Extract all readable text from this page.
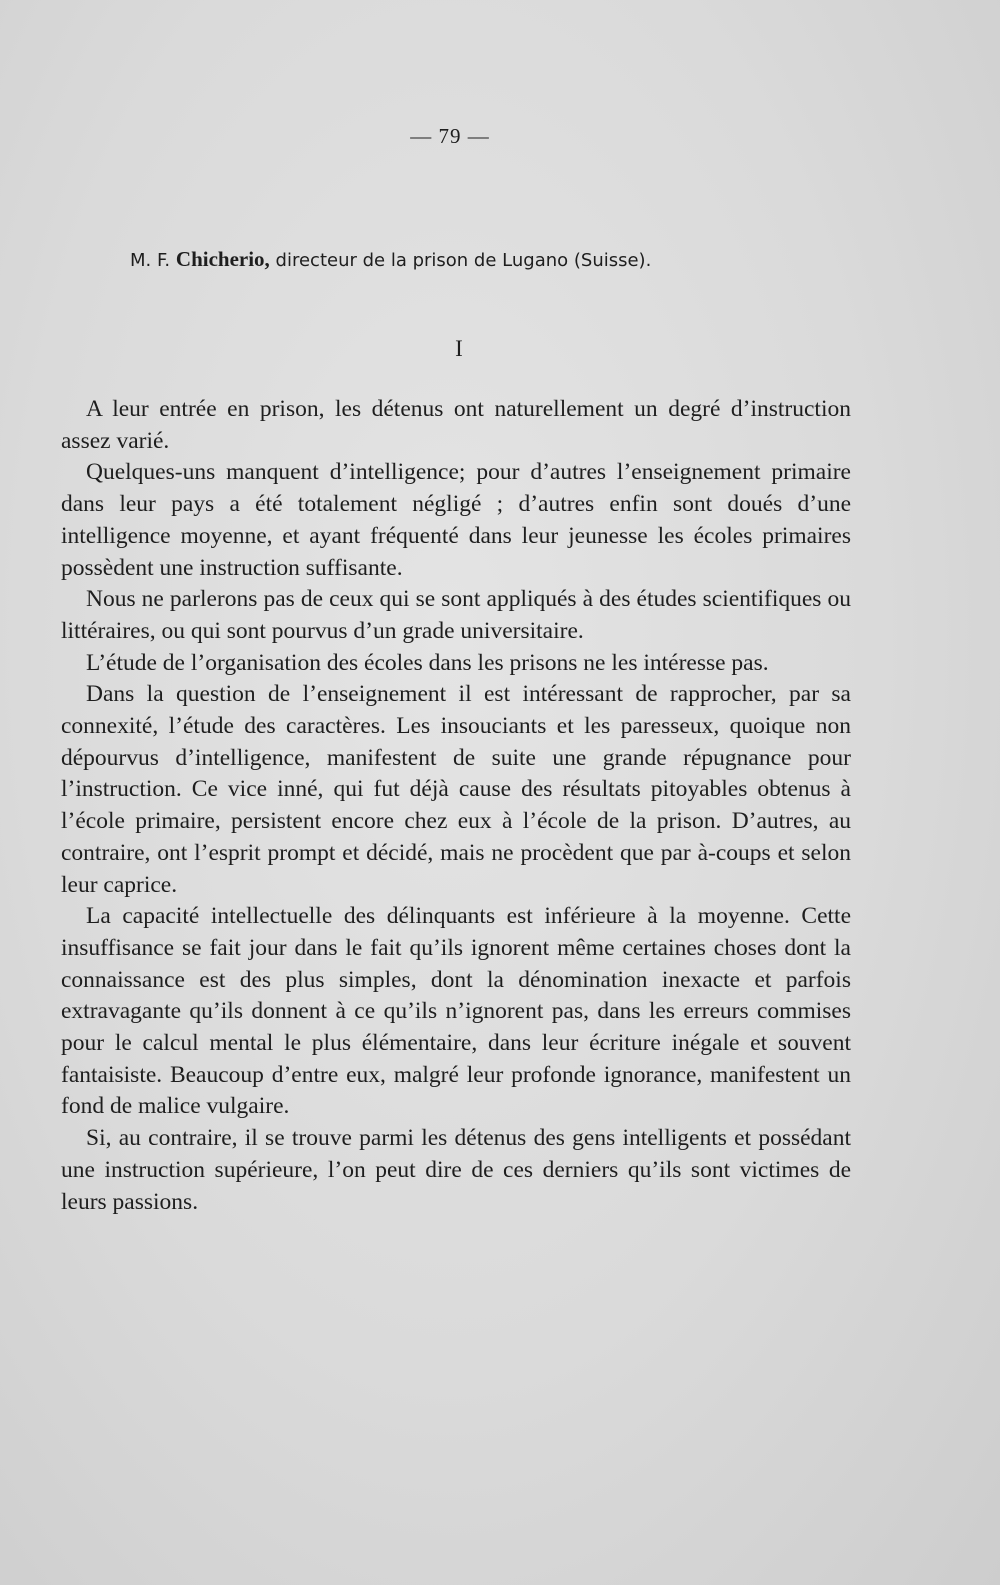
— 79 —
M. F. Chicherio, directeur de la prison de Lugano (Suisse).
I

A leur entrée en prison, les détenus ont naturellement un degré d’instruction assez varié.

Quelques-uns manquent d’intelligence; pour d’autres l’enseignement primaire dans leur pays a été totalement négligé ; d’autres enfin sont doués d’une intelligence moyenne, et ayant fréquenté dans leur jeunesse les écoles primaires possèdent une instruction suffisante.

Nous ne parlerons pas de ceux qui se sont appliqués à des études scientifiques ou littéraires, ou qui sont pourvus d’un grade universitaire.

L’étude de l’organisation des écoles dans les prisons ne les intéresse pas.

Dans la question de l’enseignement il est intéressant de rapprocher, par sa connexité, l’étude des caractères. Les insouciants et les paresseux, quoique non dépourvus d’intelligence, manifestent de suite une grande répugnance pour l’instruction. Ce vice inné, qui fut déjà cause des résultats pitoyables obtenus à l’école primaire, persistent encore chez eux à l’école de la prison. D’autres, au contraire, ont l’esprit prompt et décidé, mais ne procèdent que par à-coups et selon leur caprice.

La capacité intellectuelle des délinquants est inférieure à la moyenne. Cette insuffisance se fait jour dans le fait qu’ils ignorent même certaines choses dont la connaissance est des plus simples, dont la dénomination inexacte et parfois extravagante qu’ils donnent à ce qu’ils n’ignorent pas, dans les erreurs commises pour le calcul mental le plus élémentaire, dans leur écriture inégale et souvent fantaisiste. Beaucoup d’entre eux, malgré leur profonde ignorance, manifestent un fond de malice vulgaire.

Si, au contraire, il se trouve parmi les détenus des gens intelligents et possédant une instruction supérieure, l’on peut dire de ces derniers qu’ils sont victimes de leurs passions.
